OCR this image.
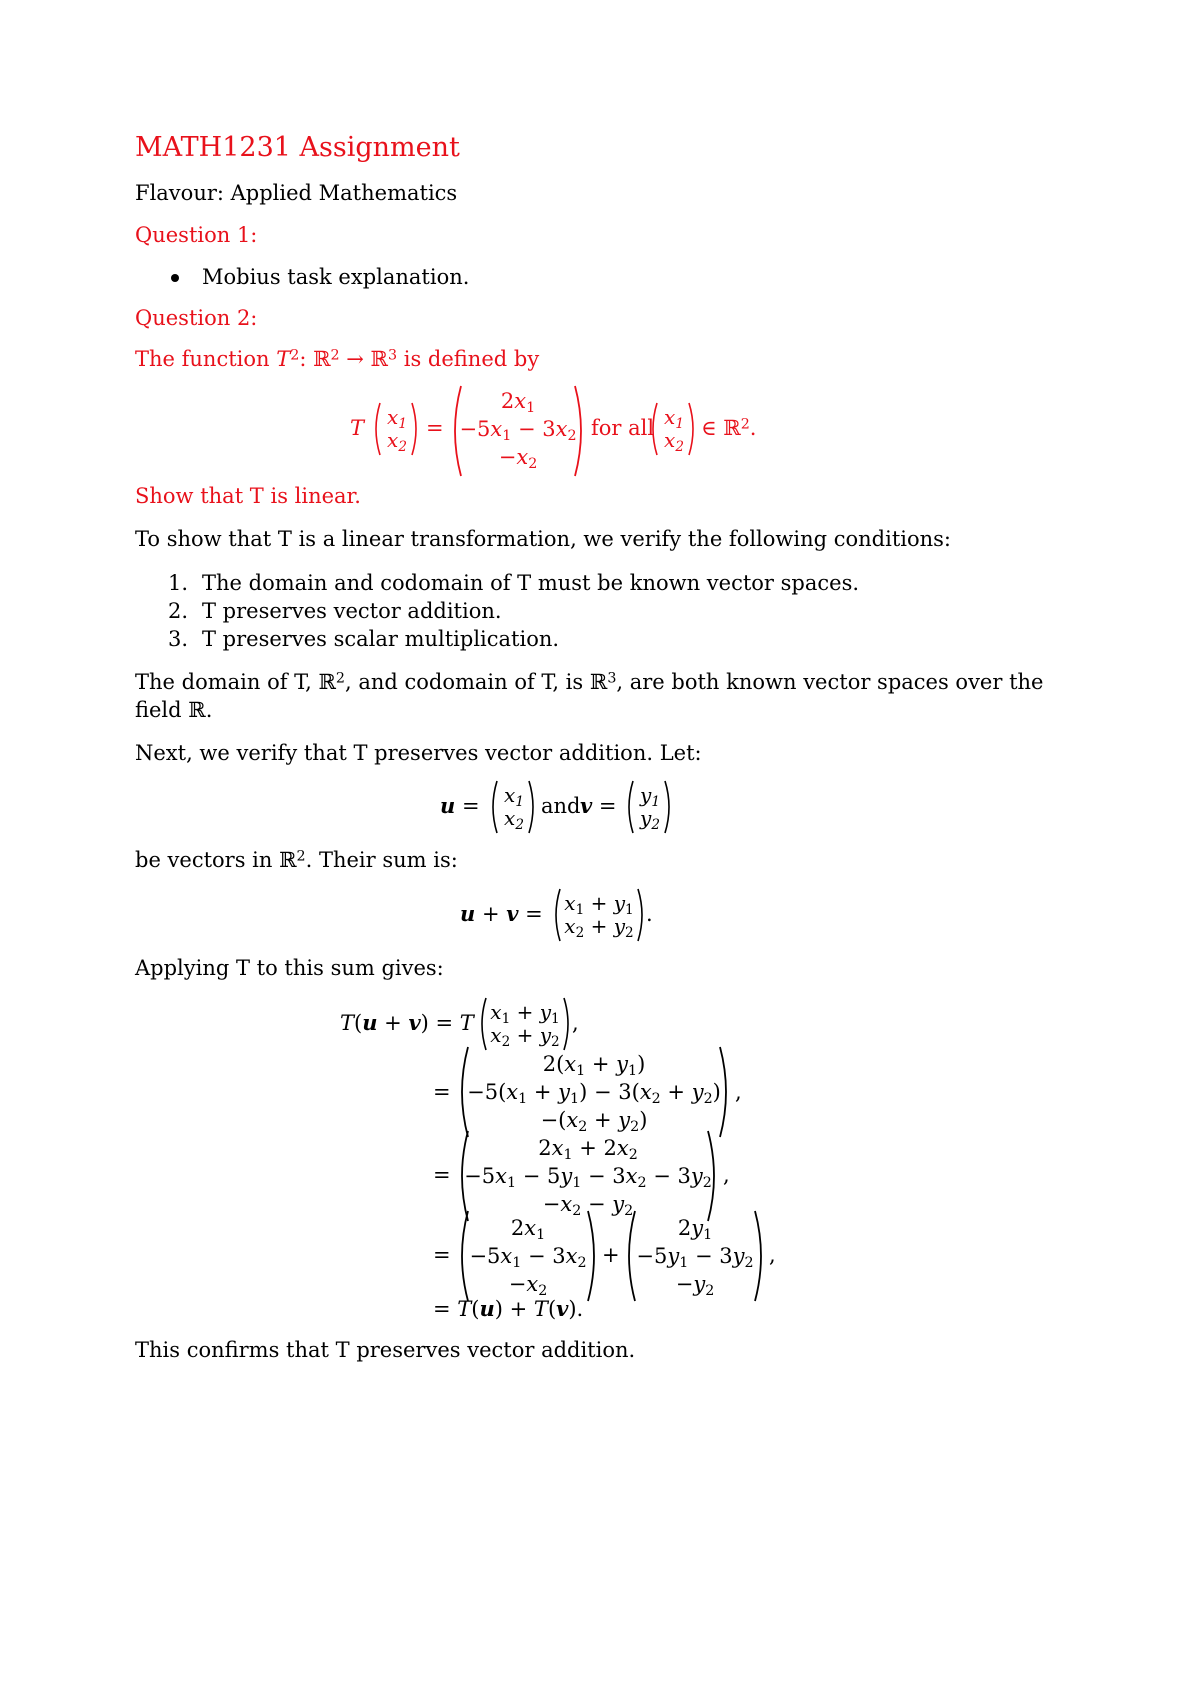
MATH1231 Assignment
Flavour: Applied Mathematics
Question 1:
Mobius task explanation.
Question 2:
The function $T^2$: ℝ$^2$ → ℝ$^3$ is defined by
T $x_1$
$x_2$
=
$2x_1$
$-5x_1 - 3x_2$
$-x_2$
for all $x_1$
$x_2$
∈ ℝ$^2$.
Show that T is linear.
To show that T is a linear transformation, we verify the following conditions:
1. The domain and codomain of T must be known vector spaces.
2. T preserves vector addition.
3. T preserves scalar multiplication.
The domain of T, ℝ$^2$, and codomain of T, is ℝ$^3$, are both known vector spaces over the
field ℝ.
Next, we verify that T preserves vector addition. Let:
$u = x_1$
$x_2$
and $v = y_1$
$y_2$
be vectors in ℝ$^2$. Their sum is:
$u + v = x_1 + y_1$
$x_2 + y_2$
.
Applying T to this sum gives:
T(u + v) = T $x_1 + y_1$
$x_2 + y_2$
,
=
$2(x_1 + y_1)$
$-5(x_1 + y_1) - 3(x_2 + y_2)$
$-(x_2 + y_2)$
,
=
$2x_1 + 2x_2$
$-5x_1 - 5y_1 - 3x_2 - 3y_2$
$-x_2 - y_2$
,
=
$2x_1$
$-5x_1 - 3x_2$
$-x_2$
+
$2y_1$
$-5y_1 - 3y_2$
$-y_2$
,
= T(u) + T(v).
This confirms that T preserves vector addition.
